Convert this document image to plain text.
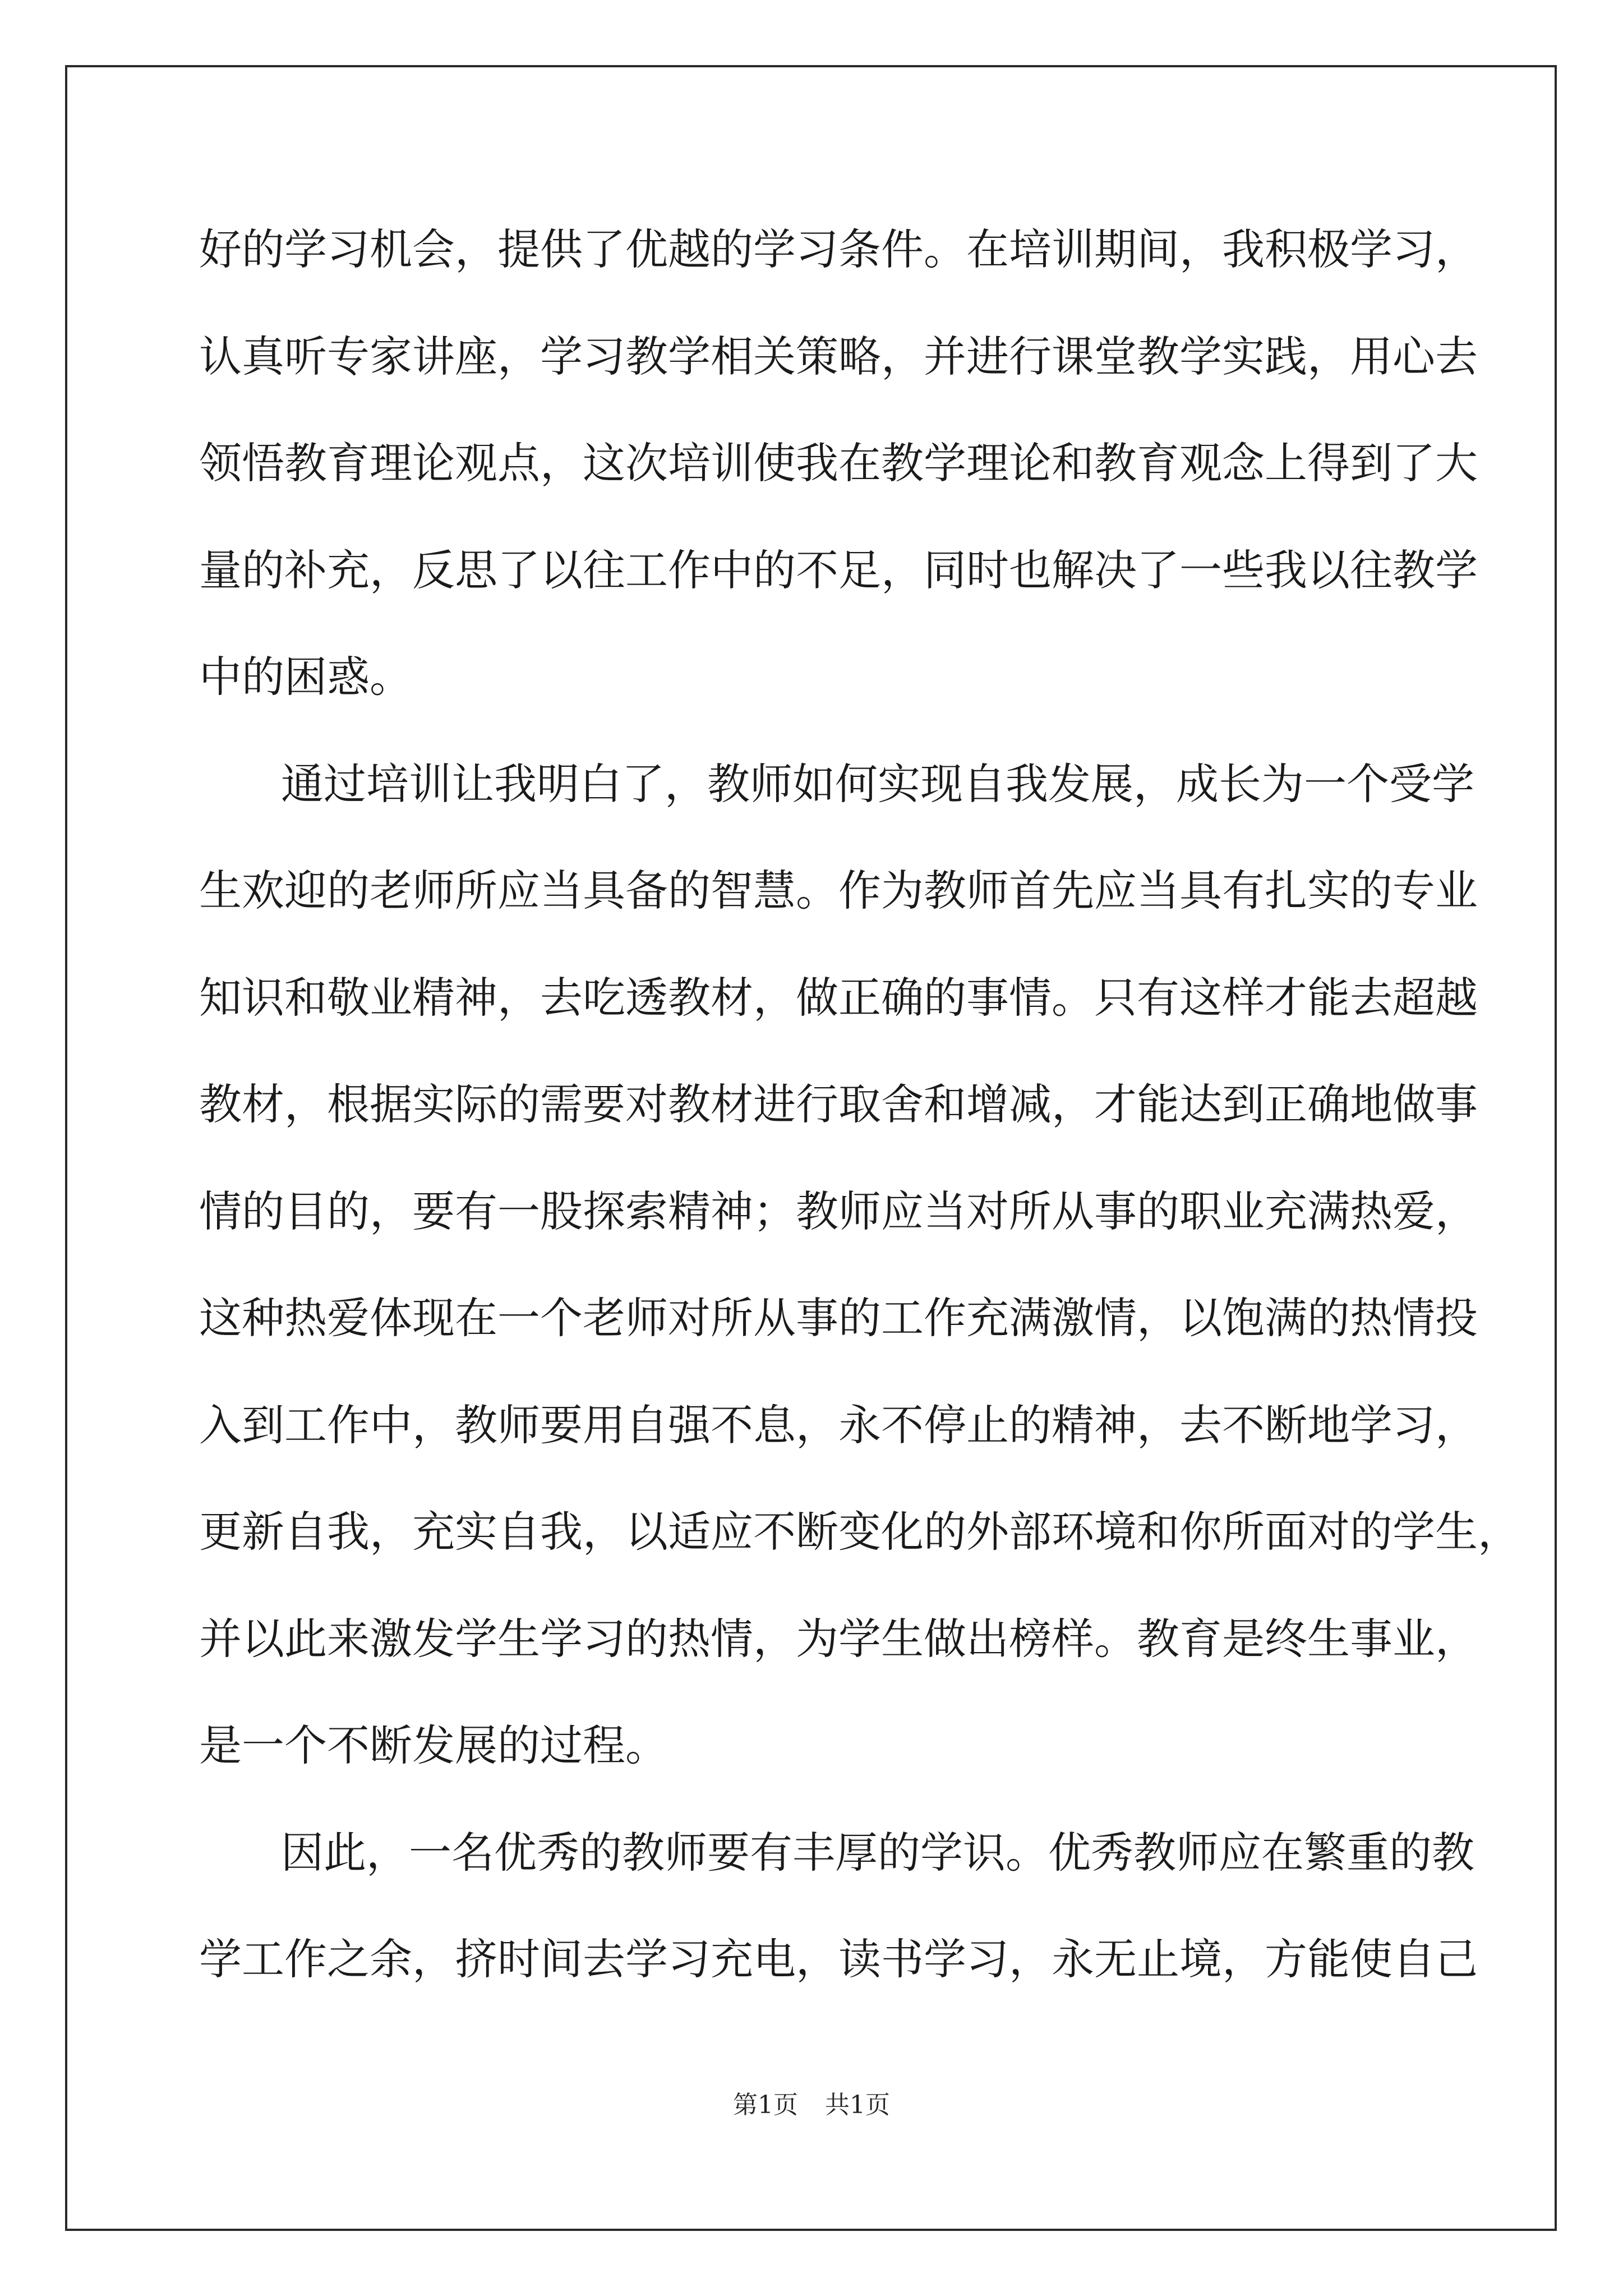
好的学习机会，提供了优越的学习条件。在培训期间，我积极学习，
认真听专家讲座，学习教学相关策略，并进行课堂教学实践，用心去
领悟教育理论观点，这次培训使我在教学理论和教育观念上得到了大
量的补充，反思了以往工作中的不足，同时也解决了一些我以往教学
中的困惑。
通过培训让我明白了，教师如何实现自我发展，成长为一个受学
生欢迎的老师所应当具备的智慧。作为教师首先应当具有扎实的专业
知识和敬业精神，去吃透教材，做正确的事情。只有这样才能去超越
教材，根据实际的需要对教材进行取舍和增减，才能达到正确地做事
情的目的，要有一股探索精神；教师应当对所从事的职业充满热爱，
这种热爱体现在一个老师对所从事的工作充满激情，以饱满的热情投
入到工作中，教师要用自强不息，永不停止的精神，去不断地学习，
更新自我，充实自我，以适应不断变化的外部环境和你所面对的学生，
并以此来激发学生学习的热情，为学生做出榜样。教育是终生事业，
是一个不断发展的过程。
因此，一名优秀的教师要有丰厚的学识。优秀教师应在繁重的教
学工作之余，挤时间去学习充电，读书学习，永无止境，方能使自己
第1页 共1页
